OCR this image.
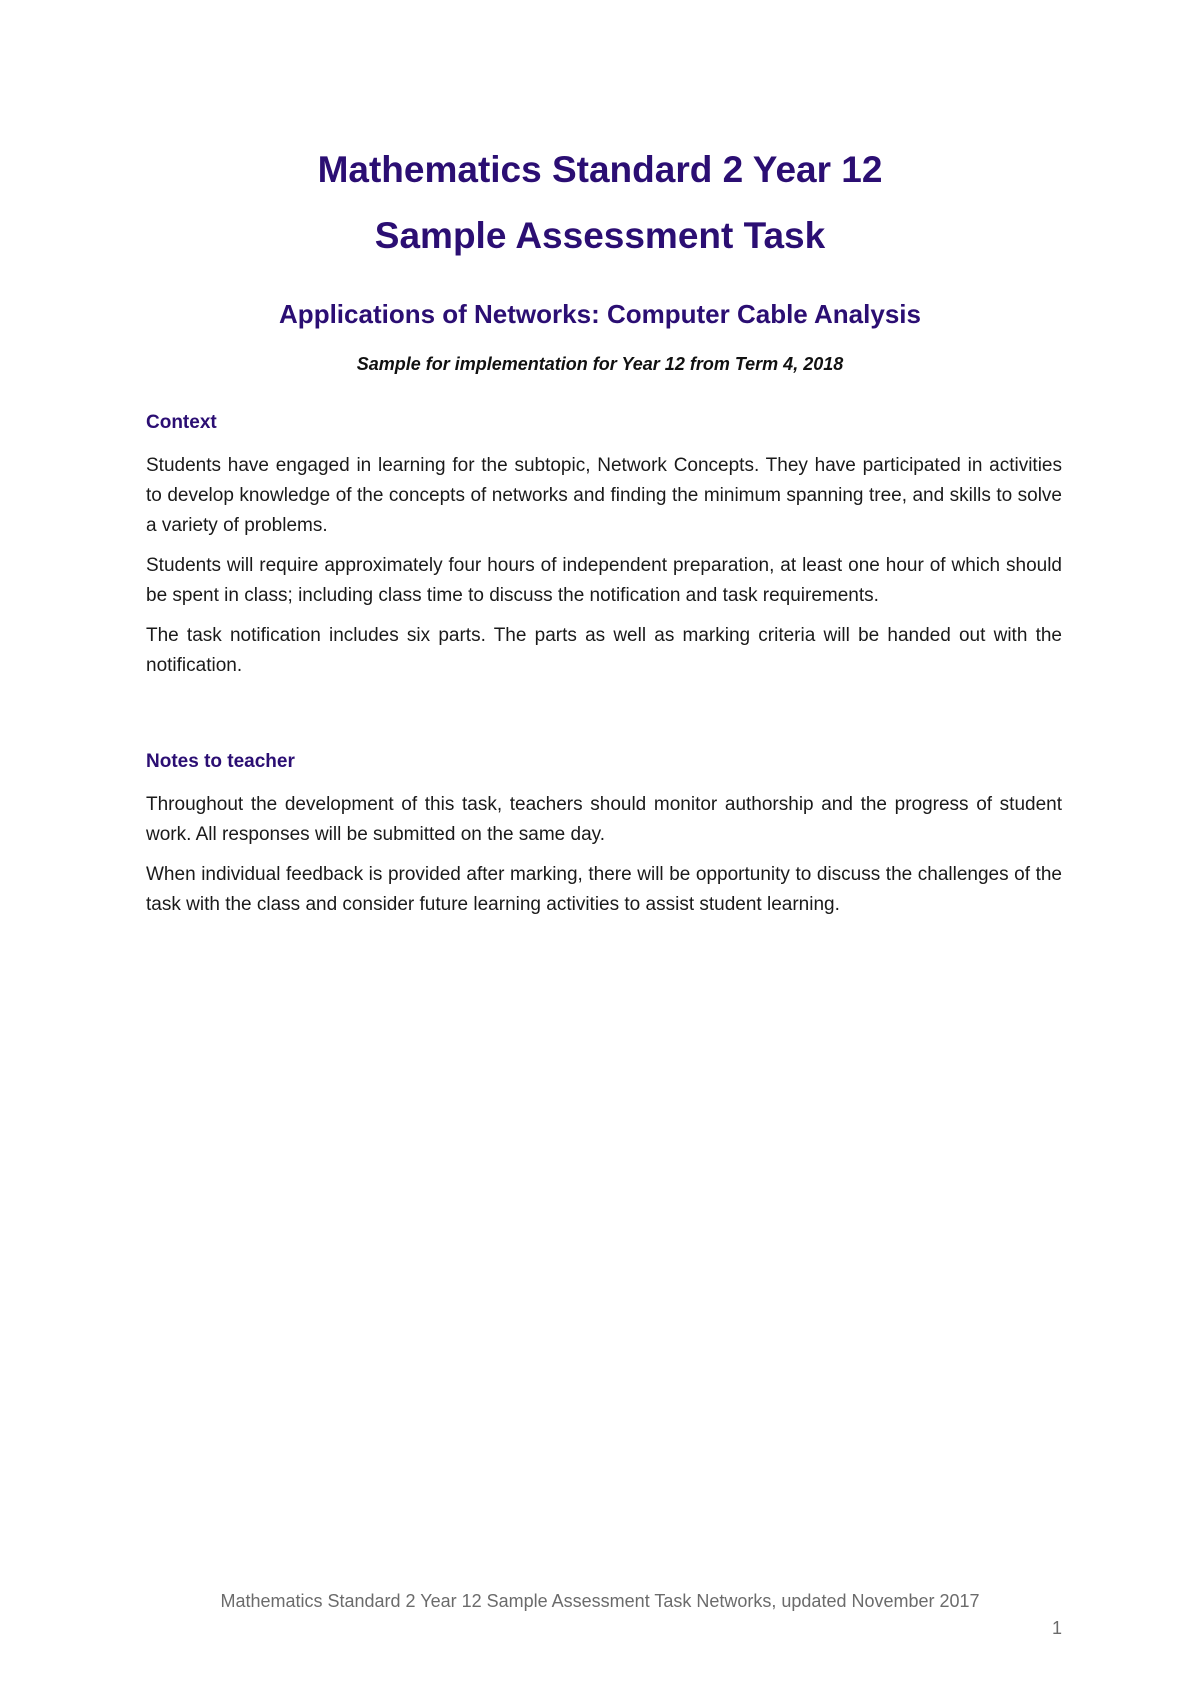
Mathematics Standard 2 Year 12
Sample Assessment Task
Applications of Networks: Computer Cable Analysis

Sample for implementation for Year 12 from Term 4, 2018

Context

Students have engaged in learning for the subtopic, Network Concepts. They have participated in activities to develop knowledge of the concepts of networks and finding the minimum spanning tree, and skills to solve a variety of problems.

Students will require approximately four hours of independent preparation, at least one hour of which should be spent in class; including class time to discuss the notification and task requirements.

The task notification includes six parts. The parts as well as marking criteria will be handed out with the notification.

Notes to teacher

Throughout the development of this task, teachers should monitor authorship and the progress of student work. All responses will be submitted on the same day.

When individual feedback is provided after marking, there will be opportunity to discuss the challenges of the task with the class and consider future learning activities to assist student learning.

Mathematics Standard 2 Year 12 Sample Assessment Task Networks, updated November 2017
1
